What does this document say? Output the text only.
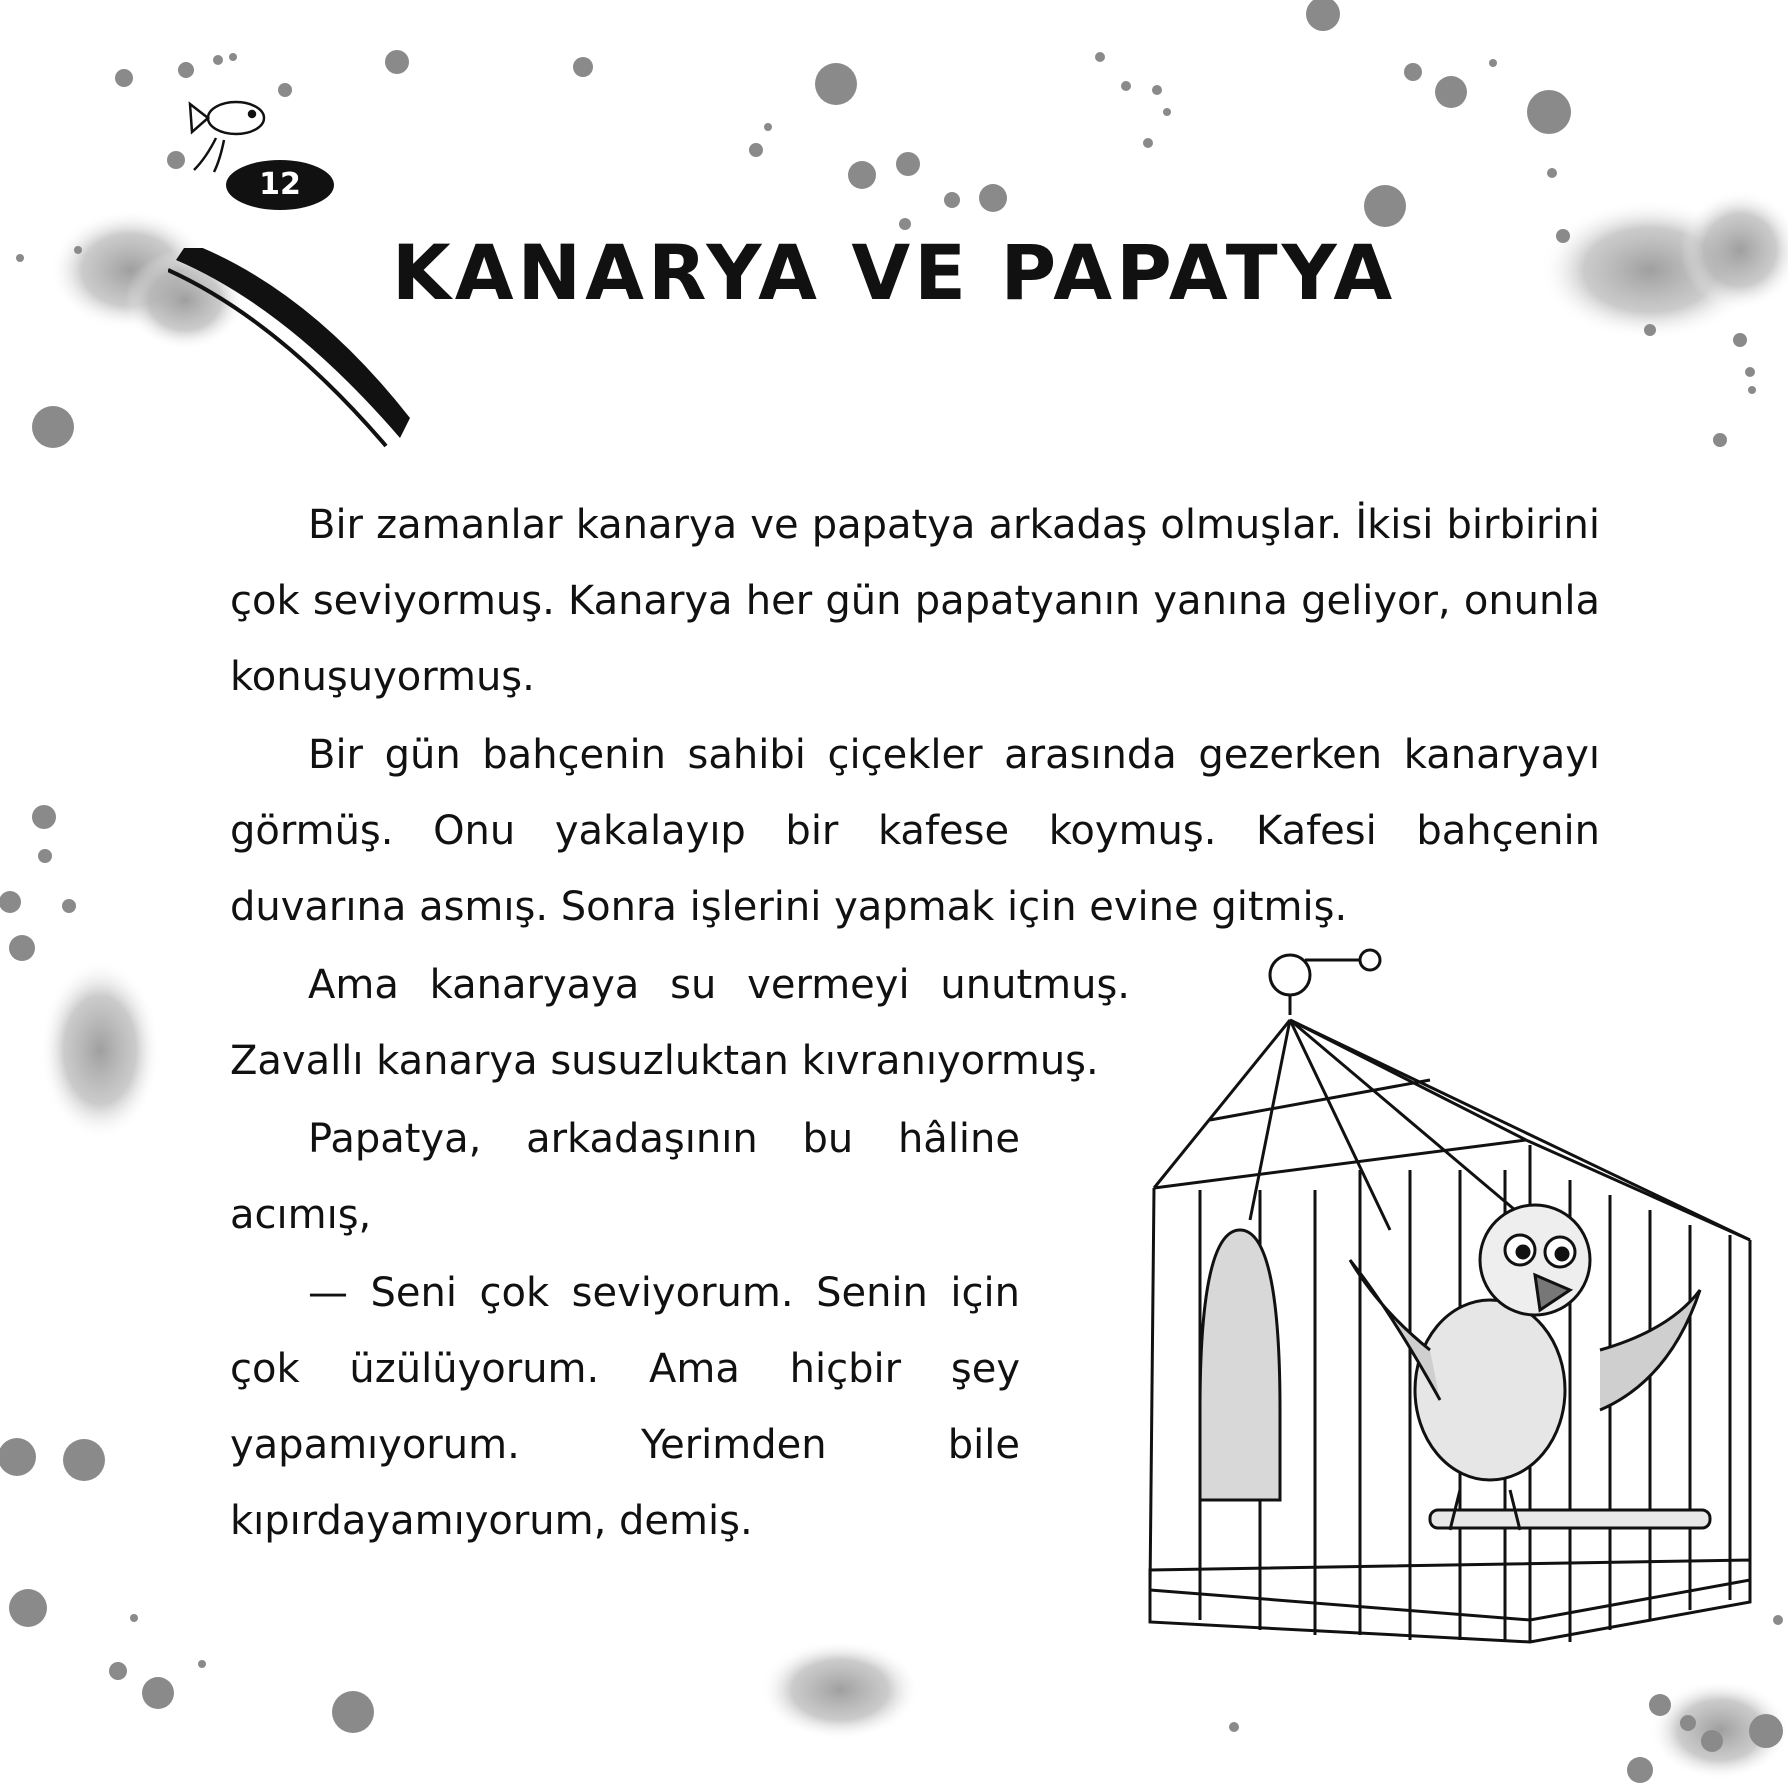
12
KANARYA VE PAPATYA
Arkadaşlık

Bir zamanlar kanarya ve papatya arkadaş olmuşlar. İkisi birbirini çok seviyormuş. Kanarya her gün papatyanın yanına geliyor, onunla konuşuyormuş.

Bir gün bahçenin sahibi çiçekler arasında gezerken kanaryayı görmüş. Onu yakalayıp bir kafese koymuş. Kafesi bahçenin duvarına asmış. Sonra işlerini yapmak için evine gitmiş.

Ama kanaryaya su vermeyi unutmuş. Zavallı kanarya susuzluktan kıvranıyormuş.

Papatya, arkadaşının bu hâline acımış,

— Seni çok seviyorum. Senin için çok üzülüyorum. Ama hiçbir şey yapamıyorum. Yerimden bile kıpırdayamıyorum, demiş.
